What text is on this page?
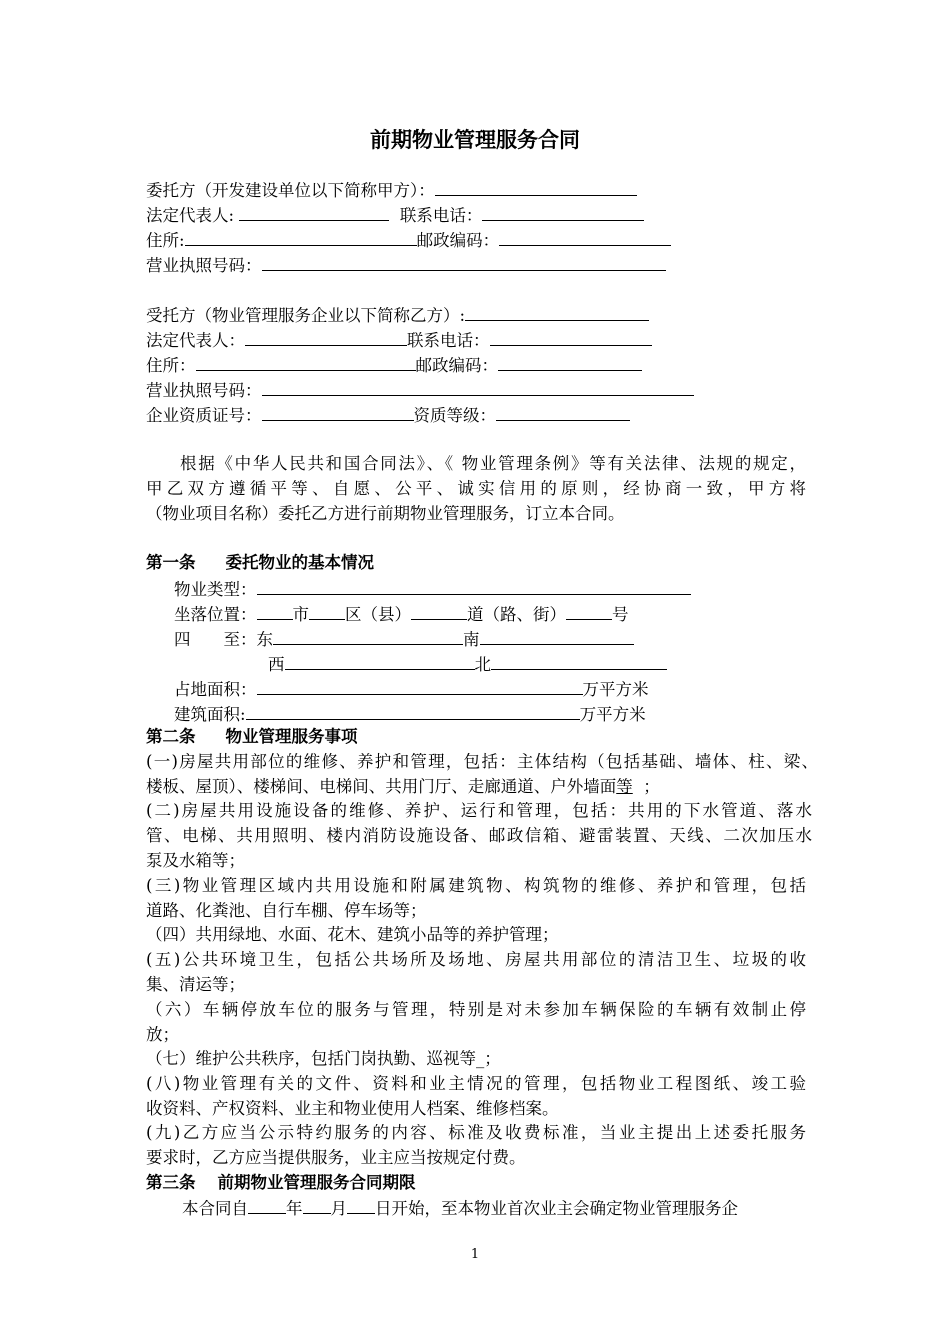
前期物业管理服务合同
委托方（开发建设单位以下简称甲方）：
法定代表人:	联系电话：
住所:	邮政编码：
营业执照号码：
受托方（物业管理服务企业以下简称乙方）:
法定代表人：	联系电话：
住所：	邮政编码：
营业执照号码：
企业资质证号：	资质等级：
根据《中华人民共和国合同法》、《 物业管理条例》等有关法律、法规的规定，
甲乙双方遵循平等、自愿、公平、诚实信用的原则，经协商一致，甲方将
（物业项目名称）委托乙方进行前期物业管理服务，订立本合同。
第一条 委托物业的基本情况
物业类型：
坐落位置： 市 区（县）	道（路、街）	号
四　　至：东	南
西	北
占地面积：	万平方米
建筑面积:	万平方米
第二条 物业管理服务事项
(一)房屋共用部位的维修、养护和管理，包括：主体结构（包括基础、墙体、柱、梁、
楼板、屋顶）、楼梯间、电梯间、共用门厅、走廊通道、户外墙面等 ；
(二)房屋共用设施设备的维修、养护、运行和管理，包括：共用的下水管道、落水
管、电梯、共用照明、楼内消防设施设备、邮政信箱、避雷装置、天线、二次加压水
泵及水箱等；
(三)物业管理区域内共用设施和附属建筑物、构筑物的维修、养护和管理，包括
道路、化粪池、自行车棚、停车场等；
（四）共用绿地、水面、花木、建筑小品等的养护管理；
(五)公共环境卫生，包括公共场所及场地、房屋共用部位的清洁卫生、垃圾的收
集、清运等；
（六）车辆停放车位的服务与管理，特别是对未参加车辆保险的车辆有效制止停
放；
（七）维护公共秩序，包括门岗执勤、巡视等_；
(八)物业管理有关的文件、资料和业主情况的管理，包括物业工程图纸、竣工验
收资料、产权资料、业主和物业使用人档案、维修档案。
(九)乙方应当公示特约服务的内容、标准及收费标准，当业主提出上述委托服务
要求时，乙方应当提供服务，业主应当按规定付费。
第三条 前期物业管理服务合同期限
本合同自 年 月 日开始，至本物业首次业主会确定物业管理服务企
1
